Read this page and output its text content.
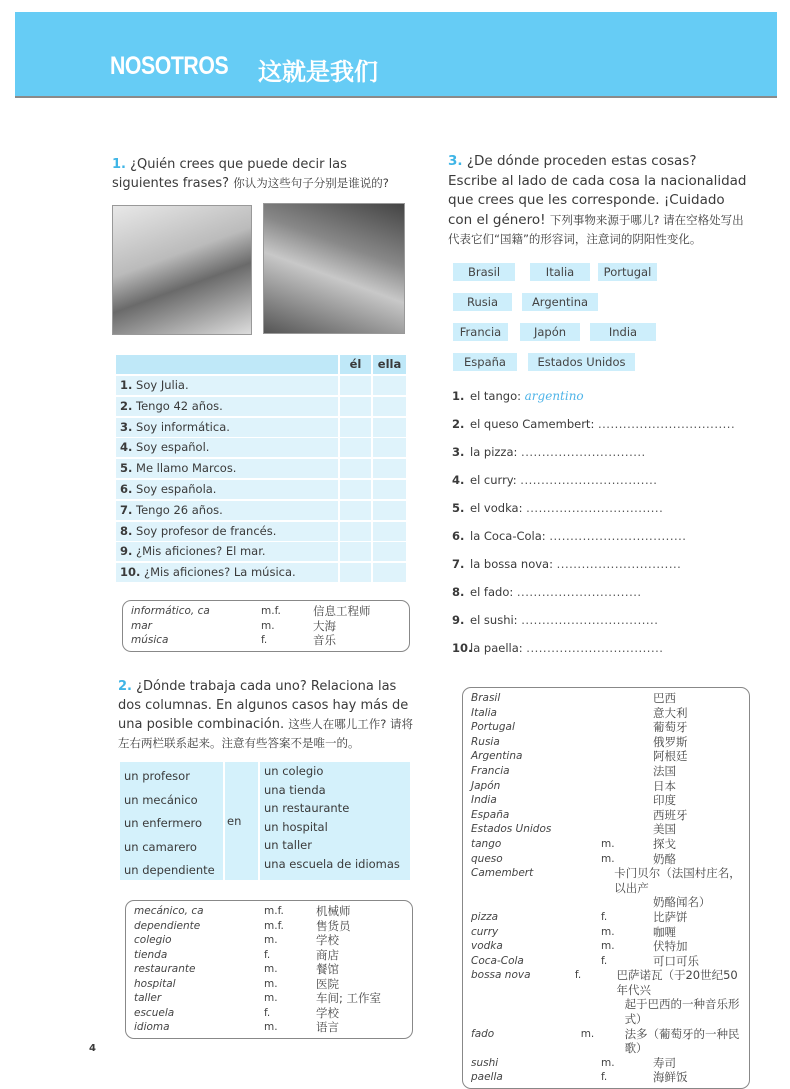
NOSOTROS 这就是我们
1. ¿Quién crees que puede decir las siguientes frases? 你认为这些句子分别是谁说的?
él	ella
1. Soy Julia.
2. Tengo 42 años.
3. Soy informática.
4. Soy español.
5. Me llamo Marcos.
6. Soy española.
7. Tengo 26 años.
8. Soy profesor de francés.
9. ¿Mis aficiones? El mar.
10. ¿Mis aficiones? La música.
informático, ca	m.f.	信息工程师
mar	m.	大海
música	f.	音乐
2. ¿Dónde trabaja cada uno? Relaciona las dos columnas. En algunos casos hay más de una posible combinación. 这些人在哪儿工作? 请将左右两栏联系起来。注意有些答案不是唯一的。
un profesor
un mecánico
un enfermero
un camarero
un dependiente
en
un colegio
una tienda
un restaurante
un hospital
un taller
una escuela de idiomas
mecánico, ca	m.f.	机械师
dependiente	m.f.	售货员
colegio	m.	学校
tienda	f.	商店
restaurante	m.	餐馆
hospital	m.	医院
taller	m.	车间; 工作室
escuela	f.	学校
idioma	m.	语言
4
3. ¿De dónde proceden estas cosas? Escribe al lado de cada cosa la nacionalidad que crees que les corresponde. ¡Cuidado con el género! 下列事物来源于哪儿? 请在空格处写出代表它们“国籍”的形容词，注意词的阴阳性变化。
Brasil	巴西
Italia	意大利
Portugal	葡萄牙
Rusia	俄罗斯
Argentina	阿根廷
Francia	法国
Japón	日本
India	印度
España	西班牙
Estados Unidos	美国
tango	m.	探戈
queso	m.	奶酪
Camembert	卡门贝尔（法国村庄名，以出产
奶酪闻名）
pizza	f.	比萨饼
curry	m.	咖喱
vodka	m.	伏特加
Coca-Cola	f.	可口可乐
bossa nova	f.	巴萨诺瓦（于20世纪50年代兴
起于巴西的一种音乐形式）
fado	m.	法多（葡萄牙的一种民歌）
sushi	m.	寿司
paella	f.	海鲜饭
Brasil	Italia	Portugal
Rusia	Argentina
Francia	Japón	India
España	Estados Unidos
1. el tango: argentino
2. el queso Camembert: .................................
3. la pizza: ..............................
4. el curry: .................................
5. el vodka: .................................
6. la Coca-Cola: .................................
7. la bossa nova: ..............................
8. el fado: ..............................
9. el sushi: .................................
10.la paella: .................................
